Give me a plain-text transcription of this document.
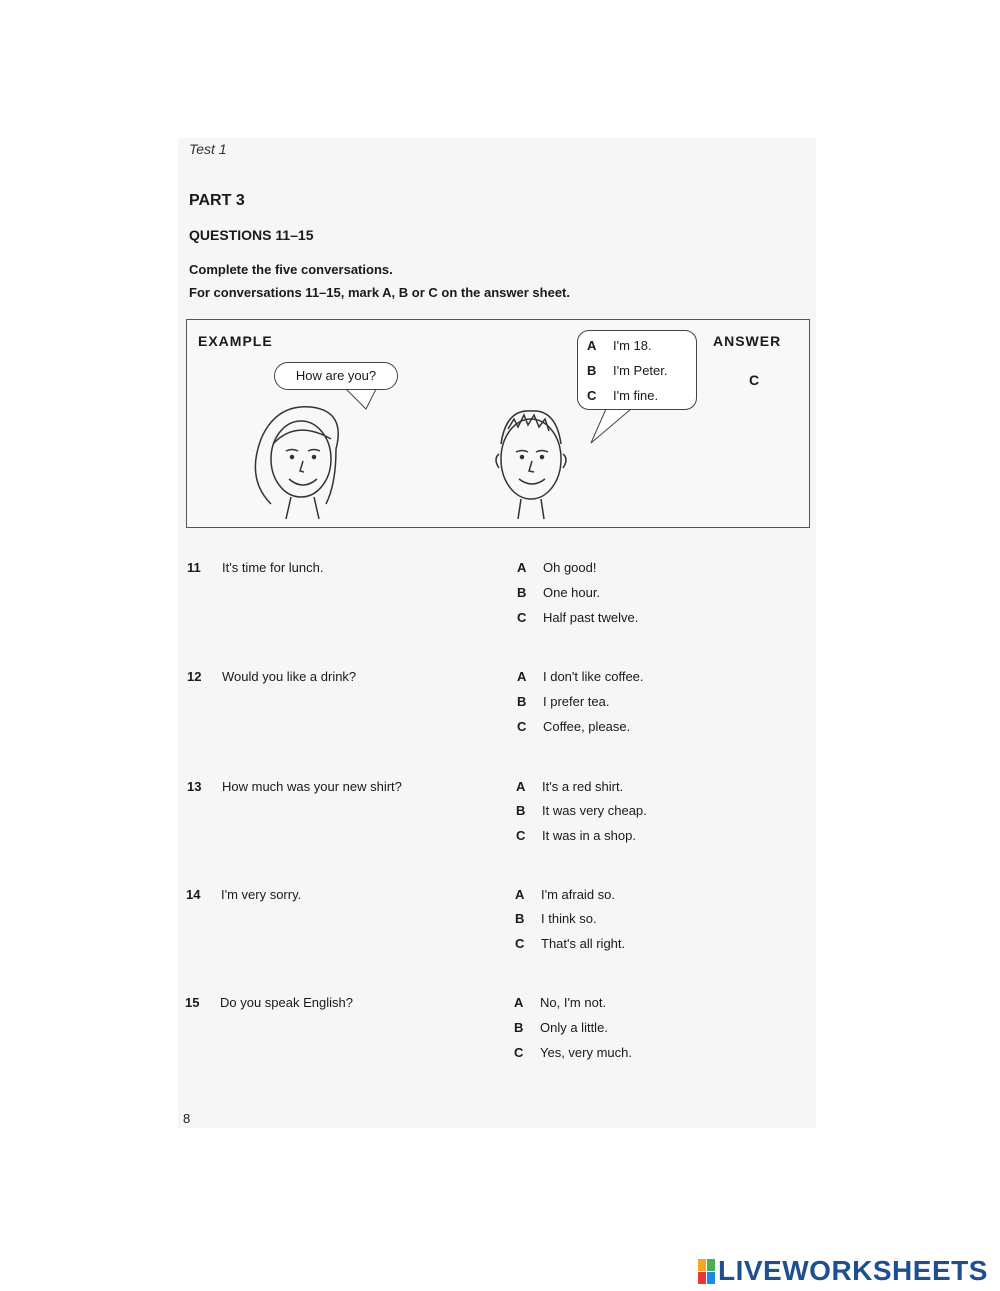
Test 1
PART 3
QUESTIONS 11–15
Complete the five conversations.
For conversations 11–15, mark A, B or C on the answer sheet.
EXAMPLE	ANSWER
C
How are you?
A I'm 18.
B I'm Peter.
C I'm fine.
11 It's time for lunch.	A Oh good!
B One hour.
C Half past twelve.
12 Would you like a drink?	A I don't like coffee.
B I prefer tea.
C Coffee, please.
13 How much was your new shirt?	A It's a red shirt.
B It was very cheap.
C It was in a shop.
14 I'm very sorry.	A I'm afraid so.
B I think so.
C That's all right.
15 Do you speak English?	A No, I'm not.
B Only a little.
C Yes, very much.
8
LIVEWORKSHEETS
